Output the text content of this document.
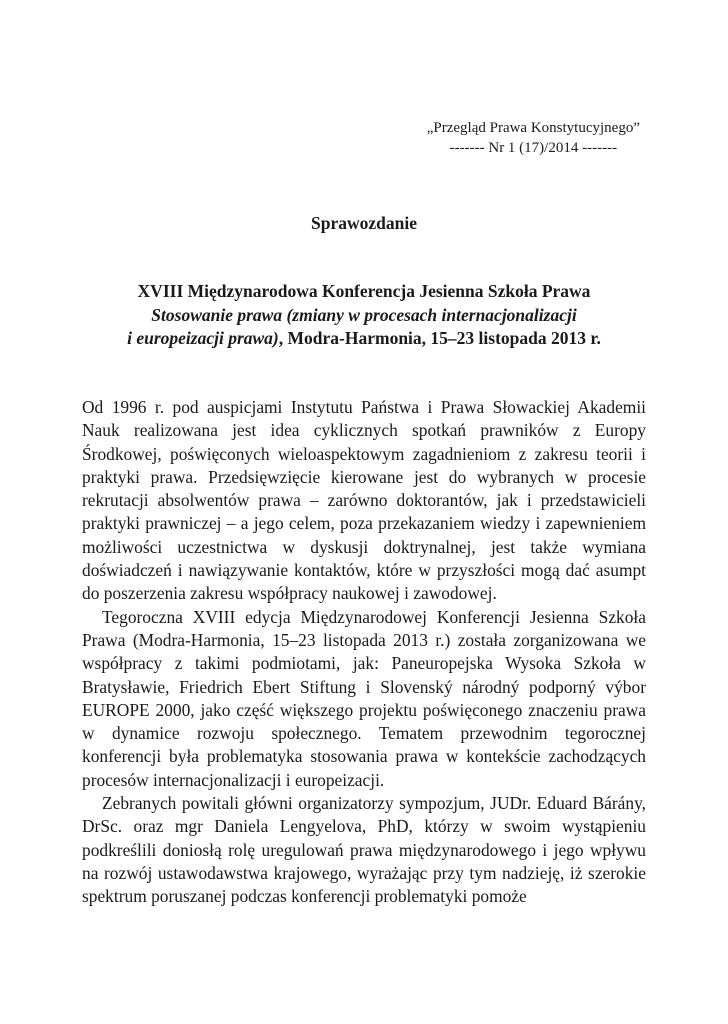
„Przegląd Prawa Konstytucyjnego”
------- Nr 1 (17)/2014 -------
Sprawozdanie
XVIII Międzynarodowa Konferencja Jesienna Szkoła Prawa
Stosowanie prawa (zmiany w procesach internacjonalizacji
i europeizacji prawa), Modra-Harmonia, 15–23 listopada 2013 r.

Od 1996 r. pod auspicjami Instytutu Państwa i Prawa Słowackiej Akademii Nauk realizowana jest idea cyklicznych spotkań prawników z Europy Środkowej, poświęconych wieloaspektowym zagadnieniom z zakresu teorii i praktyki prawa. Przedsięwzięcie kierowane jest do wybranych w procesie rekrutacji absolwentów prawa – zarówno doktorantów, jak i przedstawicieli praktyki prawniczej – a jego celem, poza przekazaniem wiedzy i zapewnieniem możliwości uczestnictwa w dyskusji doktrynalnej, jest także wymiana doświadczeń i nawiązywanie kontaktów, które w przyszłości mogą dać asumpt do poszerzenia zakresu współpracy naukowej i zawodowej.

Tegoroczna XVIII edycja Międzynarodowej Konferencji Jesienna Szkoła Prawa (Modra-Harmonia, 15–23 listopada 2013 r.) została zorganizowana we współpracy z takimi podmiotami, jak: Paneuropejska Wysoka Szkoła w Bratysławie, Friedrich Ebert Stiftung i Slovenský národný podporný výbor EUROPE 2000, jako część większego projektu poświęconego znaczeniu prawa w dynamice rozwoju społecznego. Tematem przewodnim tegorocznej konferencji była problematyka stosowania prawa w kontekście zachodzących procesów internacjonalizacji i europeizacji.

Zebranych powitali główni organizatorzy sympozjum, JUDr. Eduard Bárány, DrSc. oraz mgr Daniela Lengyelova, PhD, którzy w swoim wystąpieniu podkreślili doniosłą rolę uregulowań prawa międzynarodowego i jego wpływu na rozwój ustawodawstwa krajowego, wyrażając przy tym nadzieję, iż szerokie spektrum poruszanej podczas konferencji problematyki pomoże
